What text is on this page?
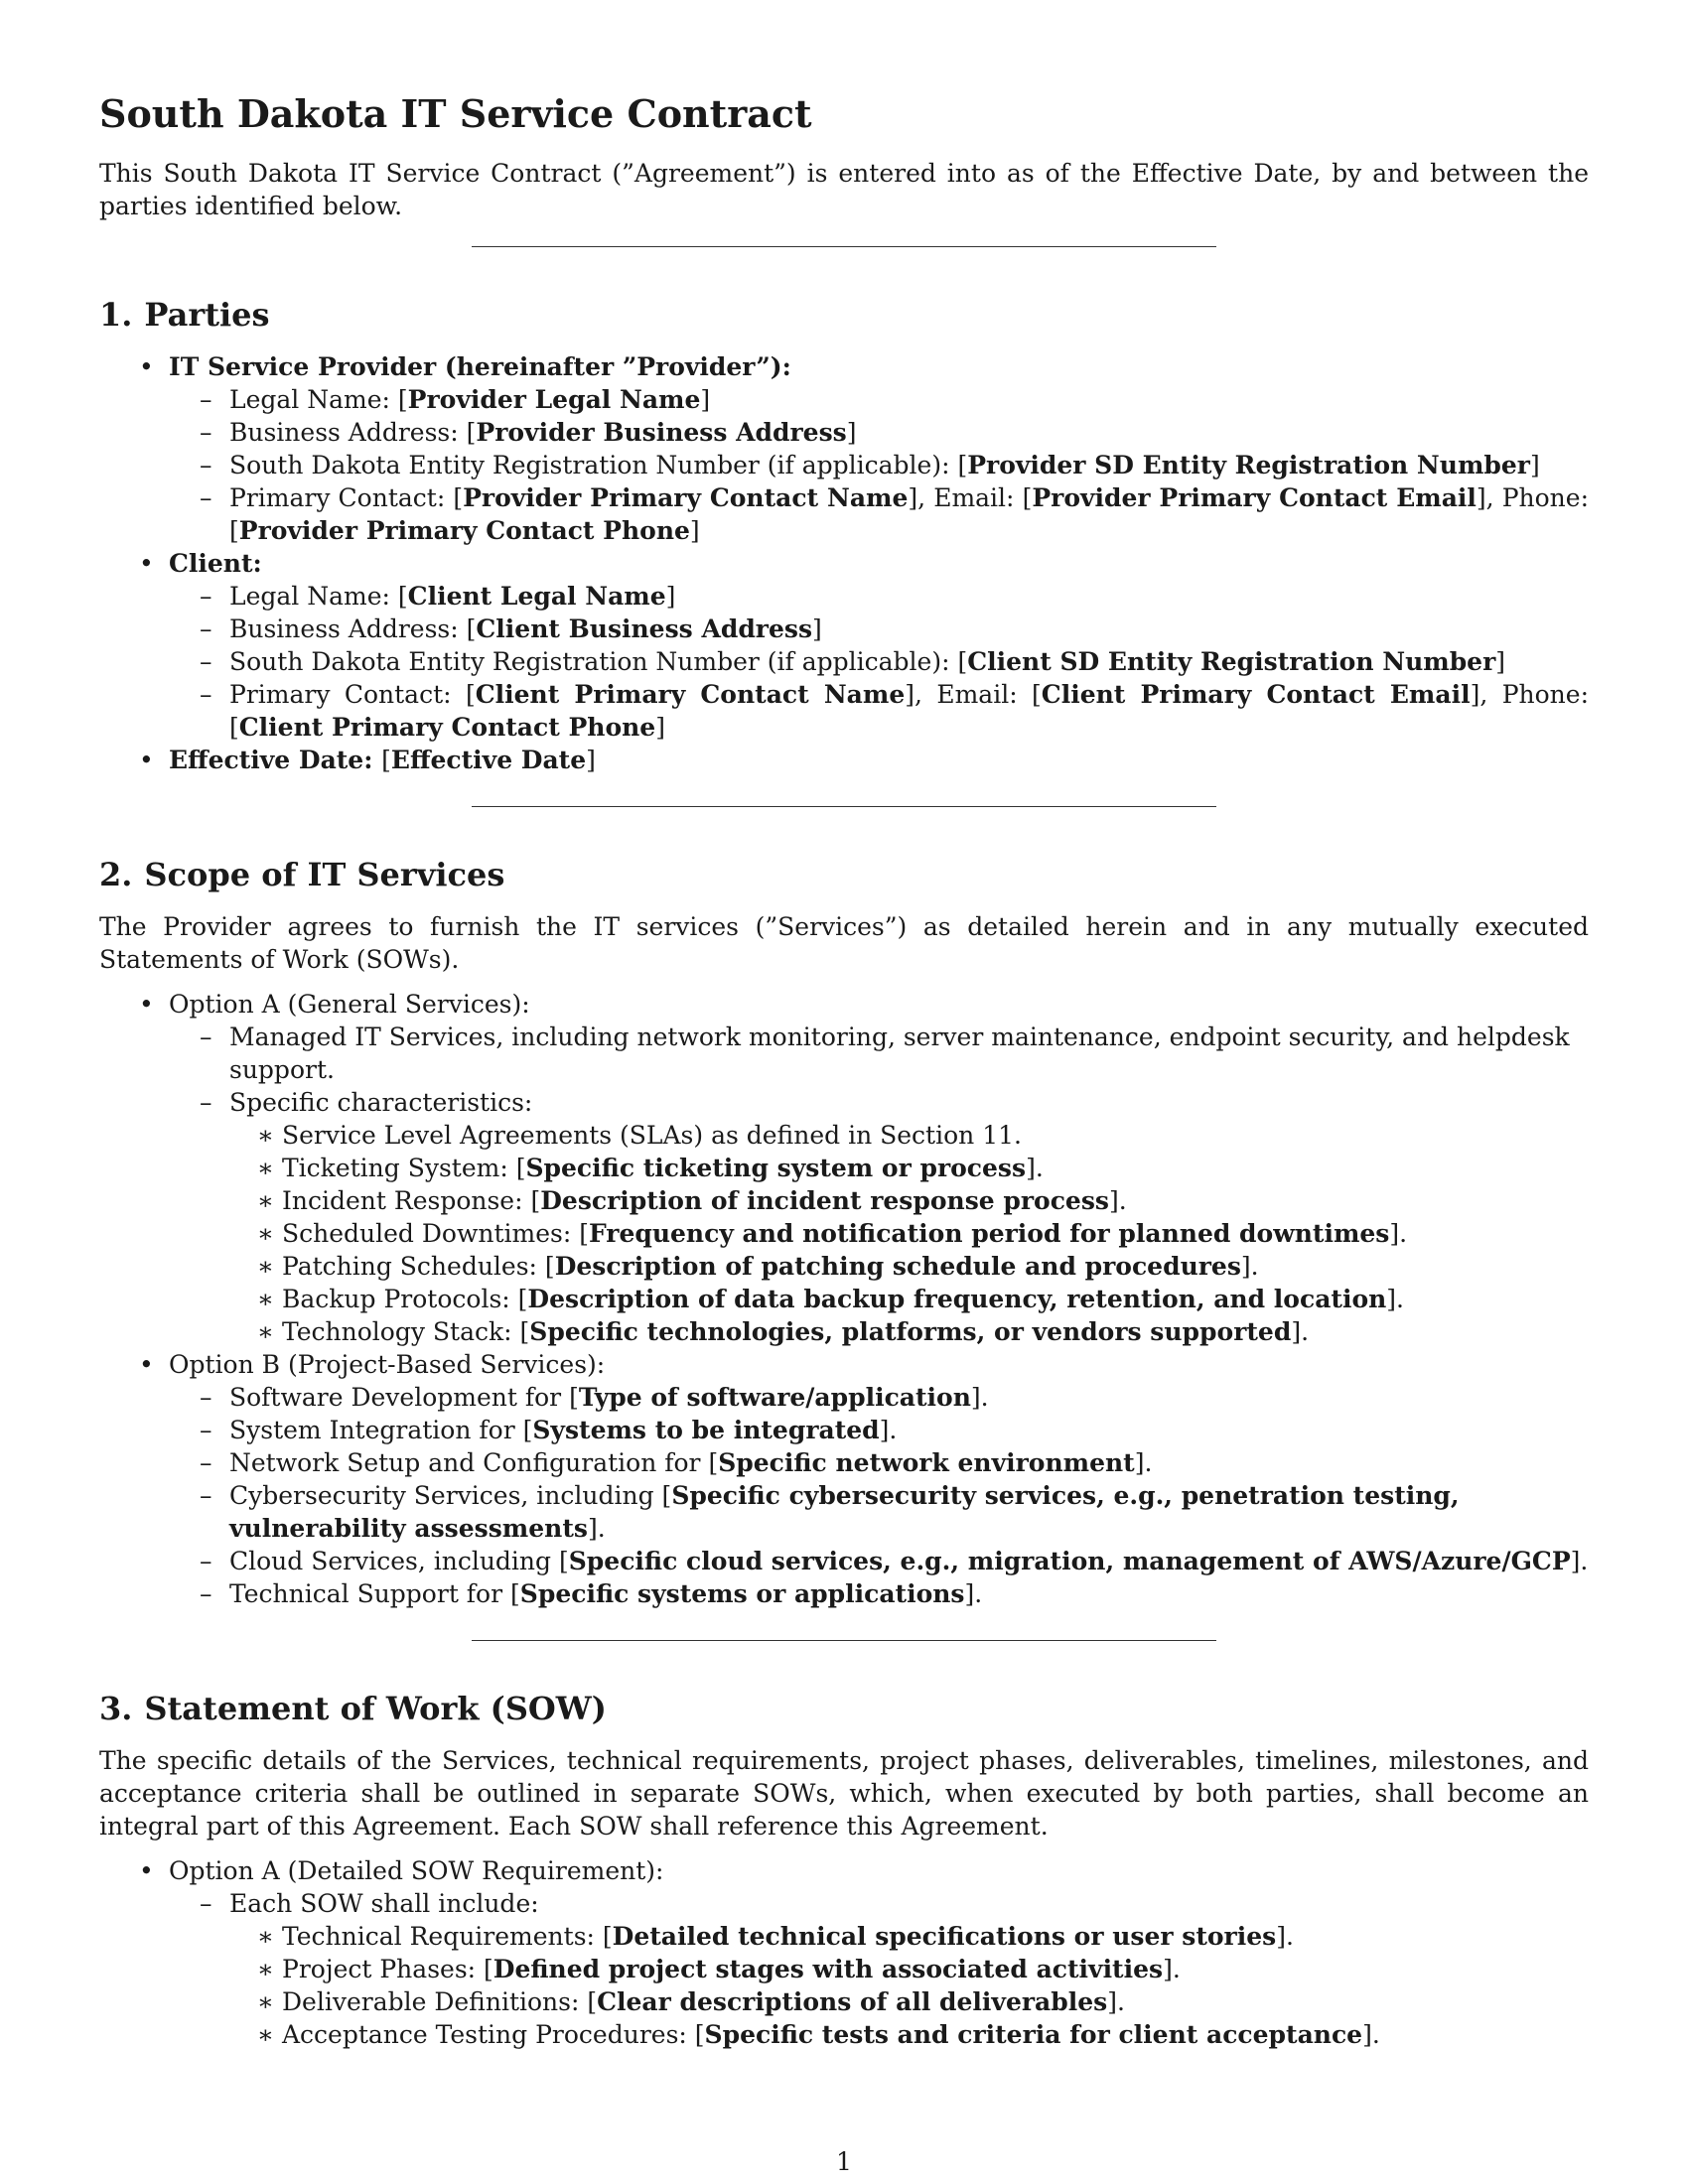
South Dakota IT Service Contract

This South Dakota IT Service Contract (”Agreement”) is entered into as of the Effective Date, by and between the parties identified below.

1. Parties
• IT Service Provider (hereinafter ”Provider”):
– Legal Name: [Provider Legal Name]
– Business Address: [Provider Business Address]
– South Dakota Entity Registration Number (if applicable): [Provider SD Entity Registration Number]
– Primary Contact: [Provider Primary Contact Name], Email: [Provider Primary Contact Email], Phone: [Provider Primary Contact Phone]
• Client:
– Legal Name: [Client Legal Name]
– Business Address: [Client Business Address]
– South Dakota Entity Registration Number (if applicable): [Client SD Entity Registration Number]
– Primary Contact: [Client Primary Contact Name], Email: [Client Primary Contact Email], Phone: [Client Primary Contact Phone]
• Effective Date: [Effective Date]
2. Scope of IT Services

The Provider agrees to furnish the IT services (”Services”) as detailed herein and in any mutually executed Statements of Work (SOWs).

• Option A (General Services):
– Managed IT Services, including network monitoring, server maintenance, endpoint security, and helpdesk support.
– Specific characteristics:
∗ Service Level Agreements (SLAs) as defined in Section 11.
∗ Ticketing System: [Specific ticketing system or process].
∗ Incident Response: [Description of incident response process].
∗ Scheduled Downtimes: [Frequency and notification period for planned downtimes].
∗ Patching Schedules: [Description of patching schedule and procedures].
∗ Backup Protocols: [Description of data backup frequency, retention, and location].
∗ Technology Stack: [Specific technologies, platforms, or vendors supported].
• Option B (Project-Based Services):
– Software Development for [Type of software/application].
– System Integration for [Systems to be integrated].
– Network Setup and Configuration for [Specific network environment].
– Cybersecurity Services, including [Specific cybersecurity services, e.g., penetration testing, vulnerability assessments].
– Cloud Services, including [Specific cloud services, e.g., migration, management of AWS/Azure/GCP].
– Technical Support for [Specific systems or applications].
3. Statement of Work (SOW)

The specific details of the Services, technical requirements, project phases, deliverables, timelines, milestones, and acceptance criteria shall be outlined in separate SOWs, which, when executed by both parties, shall become an integral part of this Agreement. Each SOW shall reference this Agreement.

• Option A (Detailed SOW Requirement):
– Each SOW shall include:
∗ Technical Requirements: [Detailed technical specifications or user stories].
∗ Project Phases: [Defined project stages with associated activities].
∗ Deliverable Definitions: [Clear descriptions of all deliverables].
∗ Acceptance Testing Procedures: [Specific tests and criteria for client acceptance].
1
